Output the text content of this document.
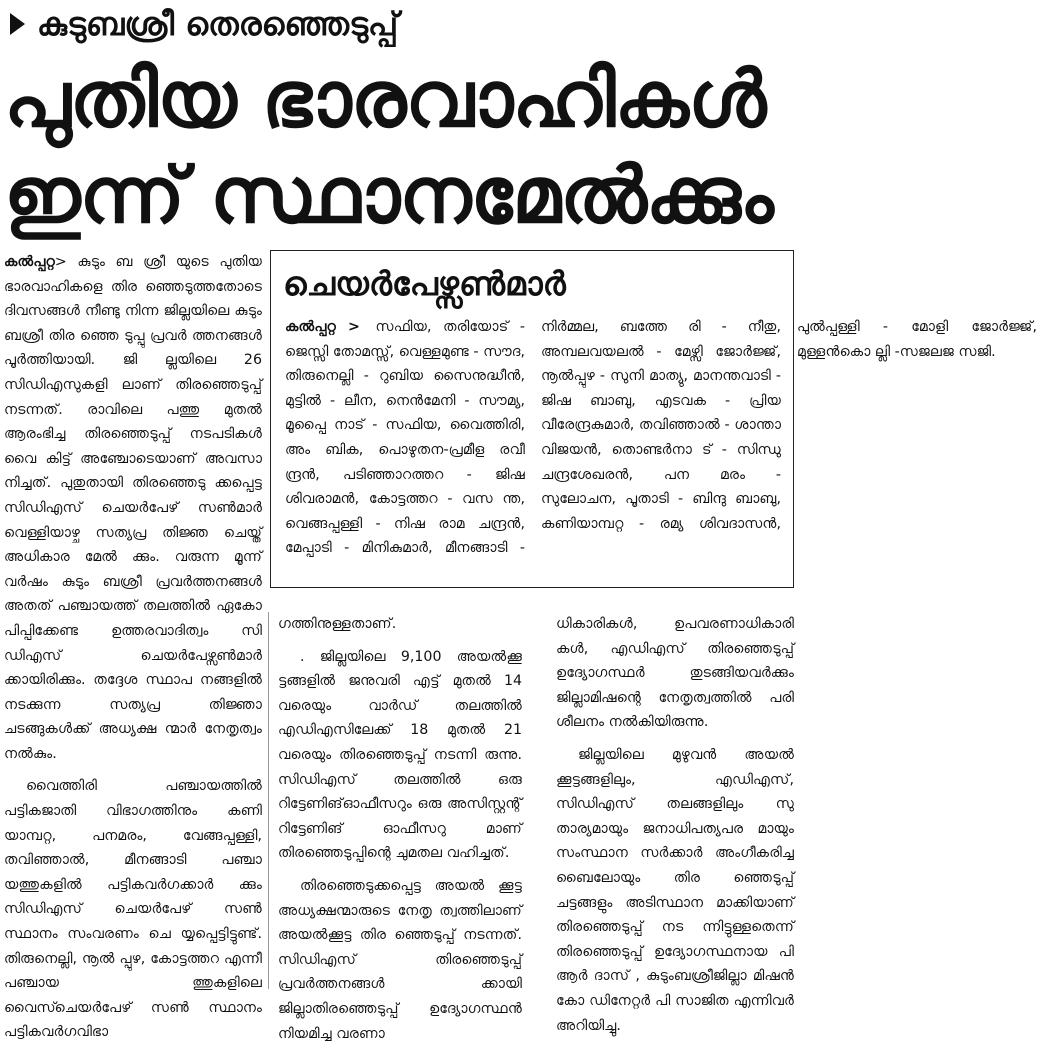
കുടുബശ്രീ തെരഞ്ഞെടുപ്പ്
പുതിയ ഭാരവാഹികൾ
ഇന്ന് സ്ഥാനമേൽക്കും

കൽപ്പറ്റ> കുടും ബ ശ്രീ യുടെ പുതിയ ഭാരവാഹികളെ തിര ഞ്ഞെടുത്തതോടെ ദിവസങ്ങൾ നീണ്ടു നിന്ന ജില്ലയിലെ കുടും ബശ്രീ തിര ഞ്ഞെ ടുപ്പു പ്രവർ ത്തനങ്ങൾ പൂർത്തിയായി. ജി ല്ലയിലെ 26 സിഡിഎസുകളി ലാണ് തിരഞ്ഞെടുപ്പ് നടന്നത്. രാവിലെ പത്തു മുതൽ ആരംഭിച്ച തിരഞ്ഞെടുപ്പ് നടപടികൾ വൈ കിട്ട് അഞ്ചോടെയാണ് അവസാ നിച്ചത്. പുതുതായി തിരഞ്ഞെടു ക്കപ്പെട്ട സിഡിഎസ് ചെയർപേഴ് സൺമാർ വെള്ളിയാഴ്ച സത്യപ്ര തിജ്ഞ ചെയ്ത് അധികാര മേൽ ക്കും. വരുന്ന മൂന്ന് വർഷം കുടും ബശ്രീ പ്രവർത്തനങ്ങൾ അതത് പഞ്ചായത്ത് തലത്തിൽ ഏകോ പിപ്പിക്കേണ്ട ഉത്തരവാദിത്വം സി ഡിഎസ് ചെയർപേഴ്സൺമാർ ക്കായിരിക്കും. തദ്ദേശ സ്ഥാപ നങ്ങളിൽ നടക്കുന്ന സത്യപ്ര തിജ്ഞാ ചടങ്ങുകൾക്ക് അധ്യക്ഷ ന്മാർ നേതൃത്വം നൽകും.

വൈത്തിരി പഞ്ചായത്തിൽ പട്ടികജാതി വിഭാഗത്തിനും കണി യാമ്പറ്റ, പനമരം, വേങ്ങപ്പള്ളി, തവിഞ്ഞാൽ, മീനങ്ങാടി പഞ്ചാ യത്തുകളിൽ പട്ടികവർഗക്കാർ ക്കും സിഡിഎസ് ചെയർപേഴ് സൺ സ്ഥാനം സംവരണം ചെ യ്യപ്പെട്ടിട്ടുണ്ട്. തിരുനെല്ലി, നൂൽ പ്പുഴ, കോട്ടത്തറ എന്നീ പഞ്ചായ ത്തുകളിലെ വൈസ്ചെയർപേഴ് സൺ സ്ഥാനം പട്ടികവർഗവിഭാ

ചെയർപേഴ്സൺമാർ
കൽപ്പറ്റ > സഫിയ, തരിയോട് - ജെസ്സി തോമസ്സ്, വെള്ളമുണ്ട - സൗദ, തിരുനെല്ലി - റുബിയ സൈനുദ്ധീൻ, മുട്ടിൽ - ലീന, നെൻമേനി - സൗമ്യ, മൂപ്പൈ നാട് - സഫിയ, വൈത്തിരി, അം ബിക, പൊഴുതന-പ്രമീള രവീ ന്ദ്രൻ, പടിഞ്ഞാറത്തറ - ജിഷ ശിവരാമൻ, കോട്ടത്തറ - വസ ന്ത, വെങ്ങപ്പള്ളി - നിഷ രാമ ചന്ദ്രൻ, മേപ്പാടി - മിനികുമാർ, മീനങ്ങാടി - നിർമ്മല, ബത്തേ രി - നീതു, അമ്പലവയലൽ - മേഴ്സി ജോർജ്ജ്, നൂൽപ്പുഴ - സുനി മാത്യു, മാനന്തവാടി - ജിഷ ബാബു, എടവക - പ്രിയ വീരേന്ദ്രകുമാർ, തവിഞ്ഞാൽ - ശാന്താ വിജയൻ, തൊണ്ടർനാ ട് - സിന്ധു ചന്ദ്രശേഖരൻ, പന മരം - സുലോചന, പൂതാടി - ബിന്ദു ബാബു, കണിയാമ്പറ്റ - രമ്യ ശിവദാസൻ, പുൽപ്പള്ളി - മോളി ജോർജ്ജ്, മുള്ളൻകൊ ല്ലി -സജലജ സജി.

ഗത്തിനുള്ളതാണ്.

. ജില്ലയിലെ 9,100 അയൽക്കൂ ട്ടങ്ങളിൽ ജനുവരി എട്ട് മുതൽ 14 വരെയും വാർഡ് തലത്തിൽ എഡിഎസിലേക്ക് 18 മുതൽ 21 വരെയും തിരഞ്ഞെടുപ്പ് നടന്നി രുന്നു. സിഡിഎസ് തലത്തിൽ ഒരു റിട്ടേണിങ്ഓഫീസറും ഒരു അസിസ്റ്റന്റ് റിട്ടേണിങ് ഓഫീസറു മാണ് തിരഞ്ഞെടുപ്പിന്റെ ചുമതല വഹിച്ചത്.

തിരഞ്ഞെടുക്കപ്പെട്ട അയൽ ക്കൂട്ട അധ്യക്ഷന്മാരുടെ നേതൃ ത്വത്തിലാണ് അയൽക്കൂട്ട തിര ഞ്ഞെടുപ്പ് നടന്നത്. സിഡിഎസ് തിരഞ്ഞെടുപ്പ് പ്രവർത്തനങ്ങൾ ക്കായി ജില്ലാതിരഞ്ഞെടുപ്പ് ഉദ്യോഗസ്ഥൻ നിയമിച്ച വരണാ

ധികാരികൾ, ഉപവരണാധികാരി കൾ, എഡിഎസ് തിരഞ്ഞെടുപ്പ് ഉദ്യോഗസ്ഥർ തുടങ്ങിയവർക്കും ജില്ലാമിഷന്റെ നേതൃത്വത്തിൽ പരി ശീലനം നൽകിയിരുന്നു.

ജില്ലയിലെ മുഴുവൻ അയൽ ക്കൂട്ടങ്ങളിലും, എഡിഎസ്, സിഡിഎസ് തലങ്ങളിലും സു താര്യമായും ജനാധിപത്യപര മായും സംസ്ഥാന സർക്കാർ അംഗീകരിച്ച ബൈലോയും തിര ഞ്ഞെടുപ്പ് ചട്ടങ്ങളും അടിസ്ഥാന മാക്കിയാണ് തിരഞ്ഞെടുപ്പ് നട ന്നിട്ടുള്ളതെന്ന് തിരഞ്ഞെടുപ്പ് ഉദ്യോഗസ്ഥനായ പി ആർ ദാസ് , കുടുംബശ്രീജില്ലാ മിഷൻ കോ ഡിനേറ്റർ പി സാജിത എന്നിവർ അറിയിച്ചു.
